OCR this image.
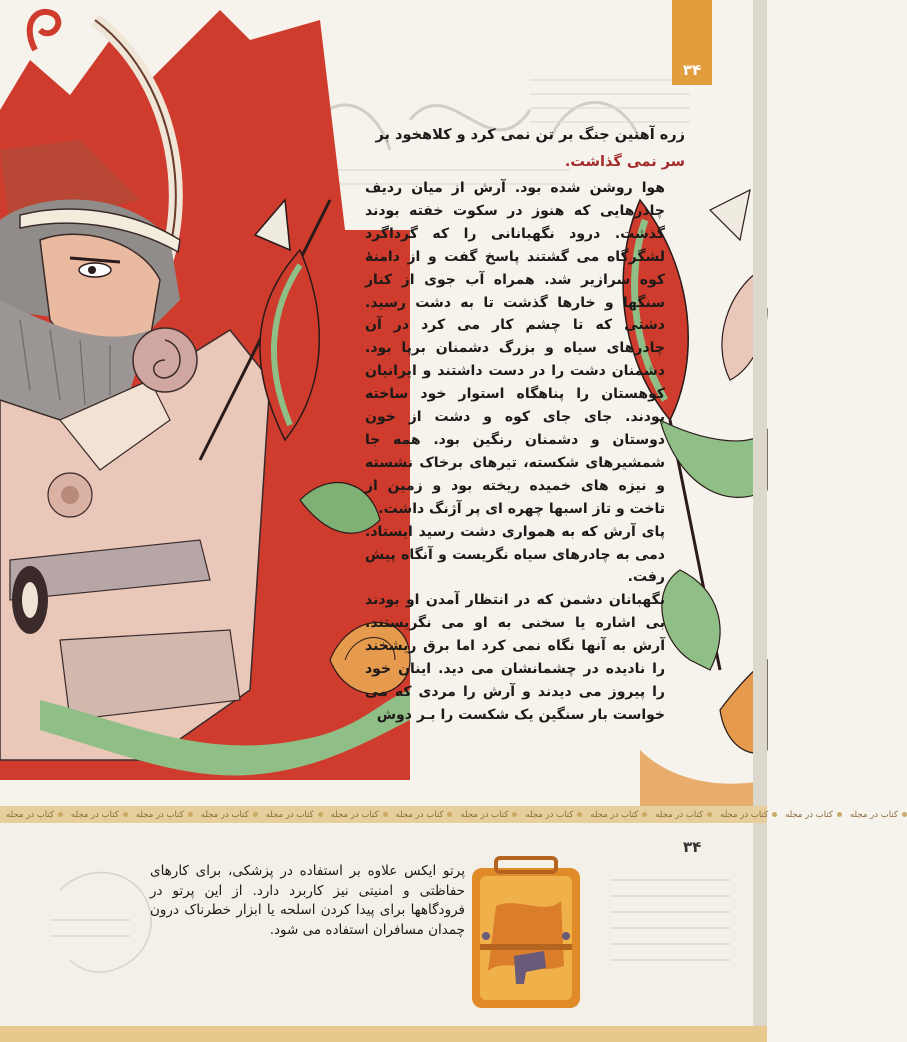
۳۴
زره آهنین جنگ بر تن نمی کرد و کلاهخود بر
سر نمی گذاشت.

هوا روشن شده بود. آرش از میان ردیف چادرهایی که هنوز در سکوت خفته بودند گذشت. درود نگهبانانی را که گرداگرد لشگرگاه می گشتند پاسخ گفت و از دامنهٔ کوه سرازیر شد. همراه آب جوی از کنار سنگها و خارها گذشت تا به دشت رسید. دشتی که تا چشم کار می کرد در آن چادرهای سیاه و بزرگ دشمنان برپا بود. دشمنان دشت را در دست داشتند و ایرانیان کوهستان را پناهگاه استوار خود ساخته بودند. جای جای کوه و دشت از خون دوستان و دشمنان رنگین بود. همه جا شمشیرهای شکسته، تیرهای برخاک نشسته و نیزه های خمیده ریخته بود و زمین از تاخت و تاز اسبها چهره ای پر آژنگ داشت.

پای آرش که به همواری دشت رسید ایستاد. دمی به چادرهای سیاه نگریست و آنگاه پیش رفت.

نگهبانان دشمن که در انتظار آمدن او بودند بی اشاره یا سخنی به او می نگریستند. آرش به آنها نگاه نمی کرد اما برق ریشخند را نادیده در چشمانشان می دید. اینان خود را پیروز می دیدند و آرش را مردی که می خواست بار سنگین یک شکست را بـر دوش

کتاب در مجله
کتاب در مجله
کتاب در مجله
کتاب در مجله
کتاب در مجله
کتاب در مجله
کتاب در مجله
کتاب در مجله
کتاب در مجله
کتاب در مجله
کتاب در مجله
کتاب در مجله
کتاب در مجله
کتاب در مجله
۳۴
پرتو ایکس علاوه بر استفاده در پزشکی، برای کارهای حفاظتی و امنیتی نیز کاربرد دارد. از این پرتو در فرودگاهها برای پیدا کردن اسلحه یا ابزار خطرناک درون چمدان مسافران استفاده می شود.
